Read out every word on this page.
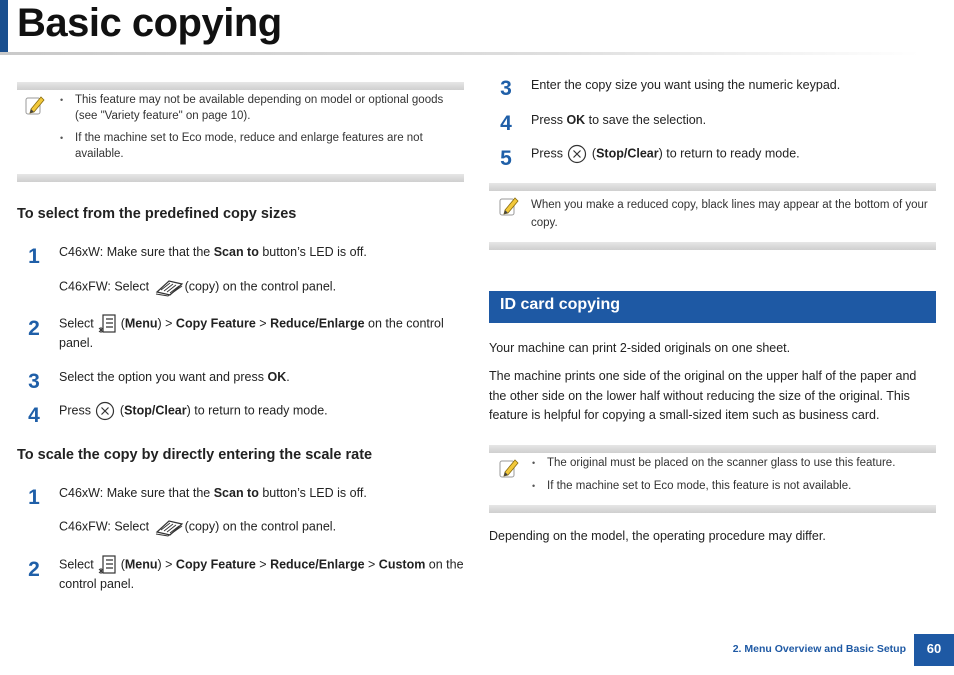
Basic copying
• This feature may not be available depending on model or optional goods (see "Variety feature" on page 10).
• If the machine set to Eco mode, reduce and enlarge features are not available.
To select from the predefined copy sizes
1	C46xW: Make sure that the Scan to button’s LED is off.
C46xFW: Select	(copy) on the control panel.
2	Select  (Menu) > Copy Feature > Reduce/Enlarge on the control panel.
3	Select the option you want and press OK.
4	Press  (Stop/Clear) to return to ready mode.
To scale the copy by directly entering the scale rate
1	C46xW: Make sure that the Scan to button’s LED is off.
C46xFW: Select	(copy) on the control panel.
2	Select  (Menu) > Copy Feature > Reduce/Enlarge > Custom on the control panel.
3	Enter the copy size you want using the numeric keypad.
4	Press OK to save the selection.
5	Press  (Stop/Clear) to return to ready mode.
When you make a reduced copy, black lines may appear at the bottom of your copy.
ID card copying
Your machine can print 2-sided originals on one sheet.
The machine prints one side of the original on the upper half of the paper and the other side on the lower half without reducing the size of the original. This feature is helpful for copying a small-sized item such as business card.
• The original must be placed on the scanner glass to use this feature.
• If the machine set to Eco mode, this feature is not available.
Depending on the model, the operating procedure may differ.
2. Menu Overview and Basic Setup	60
